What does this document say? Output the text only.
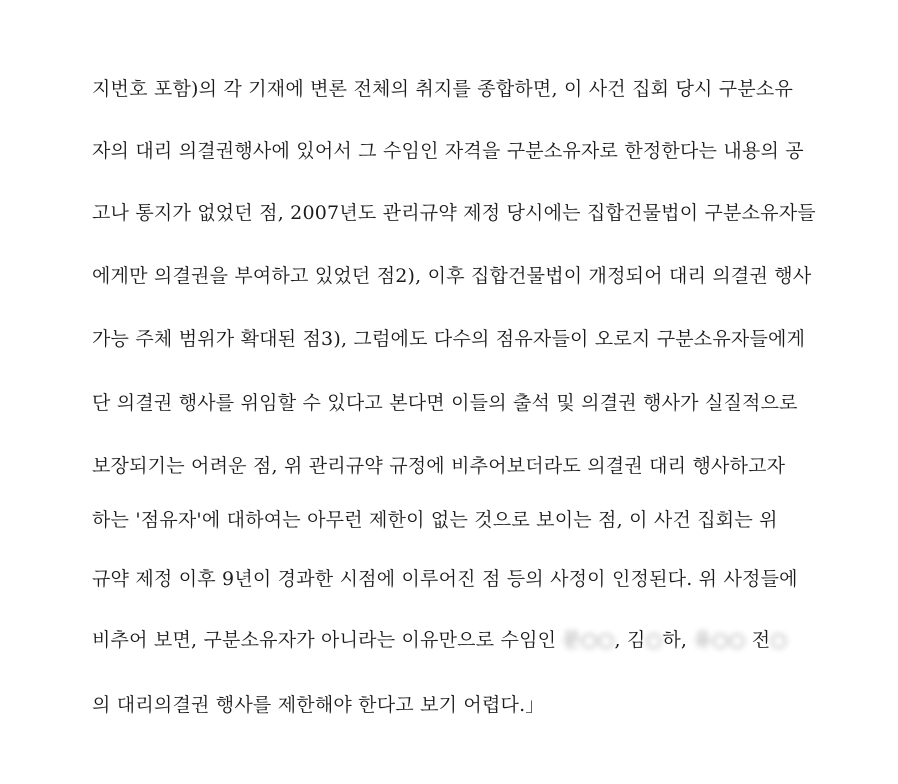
지번호 포함)의 각 기재에 변론 전체의 취지를 종합하면, 이 사건 집회 당시 구분소유
자의 대리 의결권행사에 있어서 그 수임인 자격을 구분소유자로 한정한다는 내용의 공
고나 통지가 없었던 점, 2007년도 관리규약 제정 당시에는 집합건물법이 구분소유자들
에게만 의결권을 부여하고 있었던 점2), 이후 집합건물법이 개정되어 대리 의결권 행사
가능 주체 범위가 확대된 점3), 그럼에도 다수의 점유자들이 오로지 구분소유자들에게
단 의결권 행사를 위임할 수 있다고 본다면 이들의 출석 및 의결권 행사가 실질적으로
보장되기는 어려운 점, 위 관리규약 규정에 비추어보더라도 의결권 대리 행사하고자
하는 '점유자'에 대하여는 아무런 제한이 없는 것으로 보이는 점, 이 사건 집회는 위
규약 제정 이후 9년이 경과한 시점에 이루어진 점 등의 사정이 인정된다. 위 사정들에
비추어 보면, 구분소유자가 아니라는 이유만으로 수임인 문○○, 김○하, 유○○ 전○
의 대리의결권 행사를 제한해야 한다고 보기 어렵다.」
